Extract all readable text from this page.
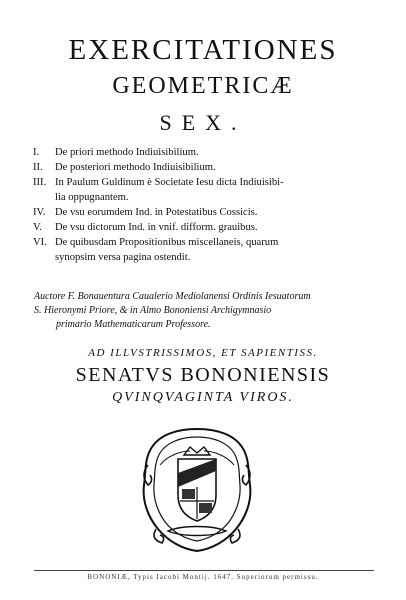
EXERCITATIONES
GEOMETRICÆ
SEX.
I.	De priori methodo Indiuisibilium.
II.	De posteriori methodo Indiuisibilium.
III. In Paulum Guldinum è Societate Iesu dicta Indiuisibi-
lia oppugnantem.
IV. De vsu eorumdem Ind. in Potestatibus Cossicis.
V.	De vsu dictorum Ind. in vnif. difform. grauibus.
VI. De quibusdam Propositionibus miscellaneis, quarum
synopsim versa pagina ostendit.
Auctore F. Bonauentura Caualerio Mediolanensi Ordinis Iesuatorum
S. Hieronymi Priore, & in Almo Bononiensi Archigymnasio
primario Mathematicarum Professore.
AD ILLVSTRISSIMOS, ET SAPIENTISS.
SENATVS BONONIENSIS
QVINQVAGINTA VIROS.
BONONIÆ, Typis Iacobi Montij. 1647. Superiorum permissu.
